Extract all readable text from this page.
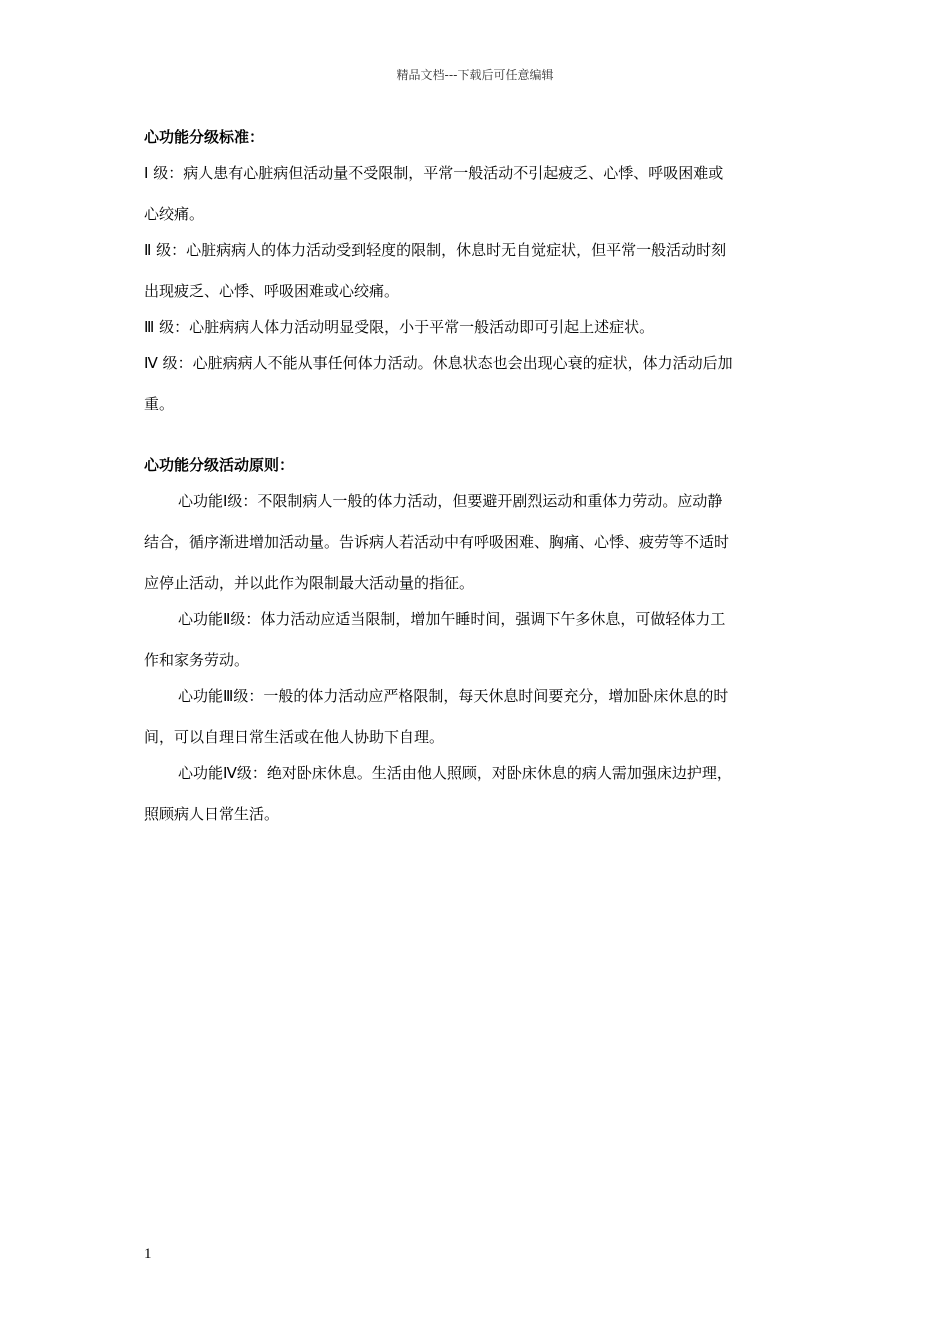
精品文档---下载后可任意编辑
心功能分级标准：
Ⅰ 级：病人患有心脏病但活动量不受限制，平常一般活动不引起疲乏、心悸、呼吸困难或
心绞痛。
Ⅱ 级：心脏病病人的体力活动受到轻度的限制，休息时无自觉症状，但平常一般活动时刻
出现疲乏、心悸、呼吸困难或心绞痛。
Ⅲ 级：心脏病病人体力活动明显受限，小于平常一般活动即可引起上述症状。
Ⅳ 级：心脏病病人不能从事任何体力活动。休息状态也会出现心衰的症状，体力活动后加
重。
心功能分级活动原则：
心功能Ⅰ级：不限制病人一般的体力活动，但要避开剧烈运动和重体力劳动。应动静
结合，循序渐进增加活动量。告诉病人若活动中有呼吸困难、胸痛、心悸、疲劳等不适时
应停止活动，并以此作为限制最大活动量的指征。
心功能Ⅱ级：体力活动应适当限制，增加午睡时间，强调下午多休息，可做轻体力工
作和家务劳动。
心功能Ⅲ级：一般的体力活动应严格限制，每天休息时间要充分，增加卧床休息的时
间，可以自理日常生活或在他人协助下自理。
心功能Ⅳ级：绝对卧床休息。生活由他人照顾，对卧床休息的病人需加强床边护理，
照顾病人日常生活。
1
